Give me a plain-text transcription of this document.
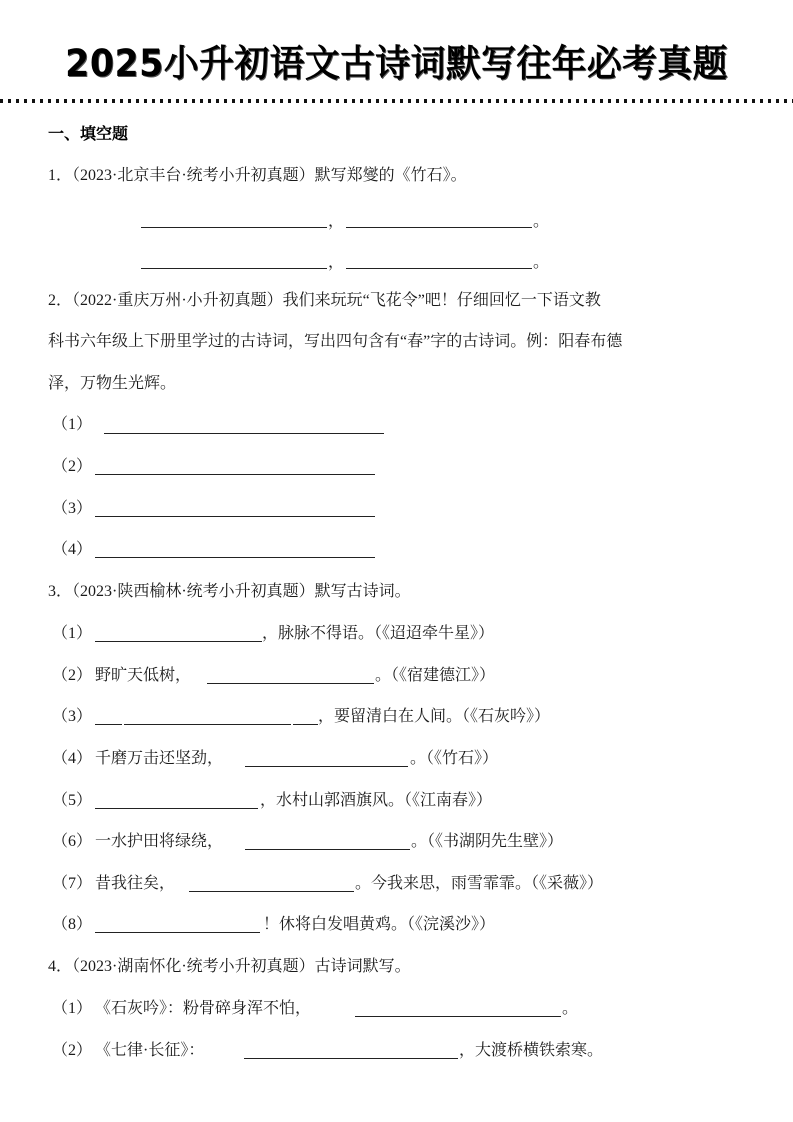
2025小升初语文古诗词默写往年必考真题
一、填空题
1．（2023·北京丰台·统考小升初真题）默写郑燮的《竹石》。
，	。
，	。
2．（2022·重庆万州·小升初真题）我们来玩玩“飞花令”吧！仔细回忆一下语文教
科书六年级上下册里学过的古诗词，写出四句含有“春”字的古诗词。例：阳春布德
泽，万物生光辉。
（1）
（2）
（3）
（4）
3．（2023·陕西榆林·统考小升初真题）默写古诗词。
（1）	，脉脉不得语。（《迢迢牵牛星》）
（2） 野旷天低树，	。（《宿建德江》）
（3）	，要留清白在人间。（《石灰吟》）
（4） 千磨万击还坚劲，	。（《竹石》）
（5）	，水村山郭酒旗风。（《江南春》）
（6） 一水护田将绿绕，	。（《书湖阴先生壁》）
（7） 昔我往矣，	。今我来思，雨雪霏霏。（《采薇》）
（8）	！休将白发唱黄鸡。（《浣溪沙》）
4．（2023·湖南怀化·统考小升初真题）古诗词默写。
（1） 《石灰吟》：粉骨碎身浑不怕，	。
（2） 《七律·长征》：	，大渡桥横铁索寒。
